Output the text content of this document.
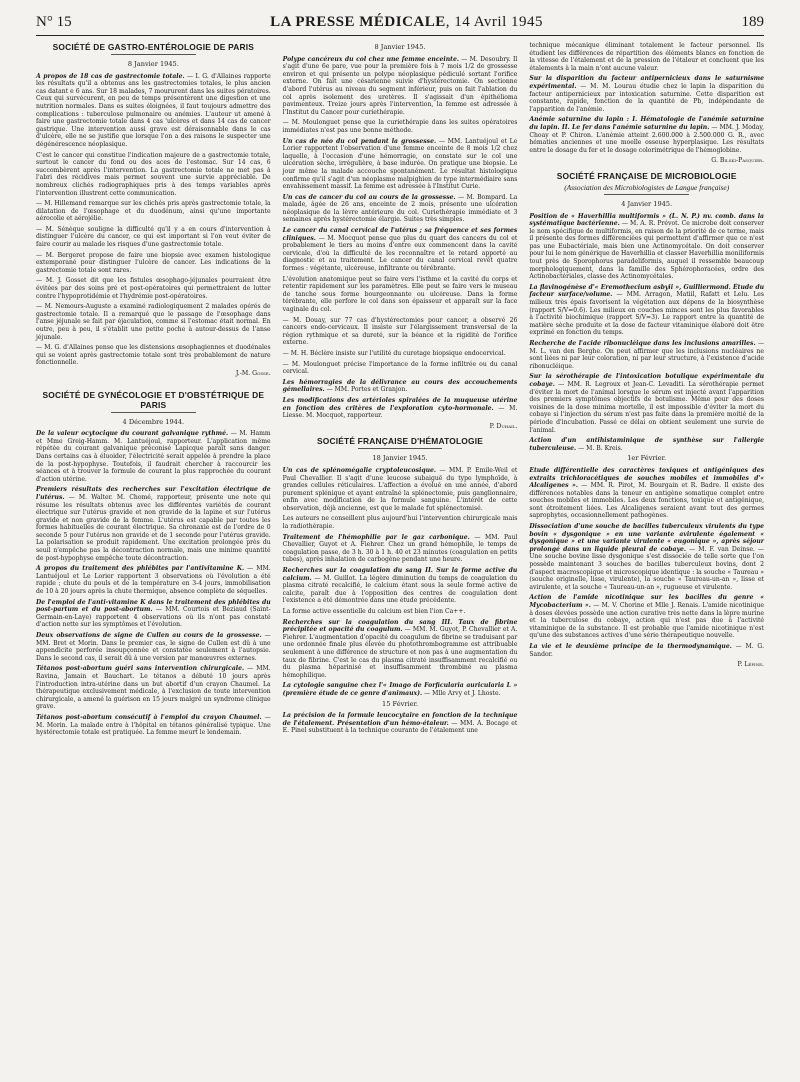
N° 15	LA PRESSE MÉDICALE, 14 Avril 1945	189
SOCIÉTÉ DE GASTRO-ENTÉROLOGIE DE PARIS
8 Janvier 1945.

A propos de 18 cas de gastrectomie totale. — I. G. d'Allaines rapporte les résultats qu'il a obtenus ans les gastrectomies totales, le plus ancien cas datant e 6 ans. Sur 18 malades, 7 moururent dans les suites pératoires. Ceux qui survécurent, en peu de temps présentèrent une digestion et une nutrition normales. Dans es suites éloignées, il faut toujours admettre des complications : tuberculose pulmonaire ou anémies. L'auteur ut amené à faire une gastrectomie totale dans 4 cas 'ulcères et dans 14 cas de cancer gastrique. Une intervention aussi grave est déraisonnable dans le cas d'ulcère, elle ne se justifie que lorsque l'on a des raisons le suspecter une dégénérescence néoplasique.

C'est le cancer qui constitue l'indication majeure de a gastrectomie totale, surtout le cancer du fond ou des aces de l'estomac. Sur 14 cas, 6 succombèrent après l'intervention. La gastrectomie totale ne met pas à l'abri des récidives mais permet souvent une survie appréciable. De nombreux clichés radiographiques pris à des temps variables après l'intervention illustrent cette communication.

— M. Hillemand remarque sur les clichés pris après gastrectomie totale, la dilatation de l'œsophage et du duodénum, ainsi qu'une importante aérocolie et aérojélie.

— M. Sénèque souligne la difficulté qu'il y a en cours d'intervention à distinguer l'ulcère du cancer, ce qui est important si l'on veut éviter de faire courir au malade les risques d'une gastrectomie totale.

— M. Bergeret propose de faire une biopsie avec examen histologique extemporané pour distinguer l'ulcère de cancer. Les indications de la gastrectomie totale sont rares.

— M. J. Gosset dit que les fistules œsophago-jéjunales pourraient être évitées par des soins pré et post-opératoires qui permettraient de lutter contre l'hypoprotidémie et l'hydrémie post-opératoires.

— M. Nemours-Auguste a examiné radiologiquement 2 malades opérés de gastrectomie totale. Il a remarqué que le passage de l'œsophage dans l'anse jéjunale se fait par éjaculation, comme si l'estomac était normal. En outre, peu à peu, il s'établit une petite poche à autour-dessus de l'anse jéjunale.

— M. G. d'Allaines pense que les distensions œsophagiennes et duodénales qui se voient après gastrectomie totale sont très probablement de nature fonctionnelle.

J.-M. Gosse.
SOCIÉTÉ DE GYNÉCOLOGIE ET D'OBSTÉTRIQUE DE PARIS
4 Décembre 1944.

De la valeur ocytocique du courant galvanique rythmé. — M. Hamm et Mme Greig-Hamm. M. Lantuéjoul, rapporteur. L'application même répétée du courant galvanique préconisé Lapicque paraît sans danger. Dans certains cas à éluoider, l'électricité serait appelée à prendre la place de la post-hypophyse. Toutefois, il faudrait chercher à raccourcir les séances et à trouver la formule de courant la plus rapprochée du courant d'action utérine.

Premiers résultats des recherches sur l'excitation électrique de l'utérus. — M. Walter. M. Chomé, rapporteur, présente une note qui résume les résultats obtenus avec les différentes variétés de courant électrique sur l'utérus gravide et non gravide de la lapine et sur l'utérus gravide et non gravide de la femme. L'utérus est capable par toutes les formes habituelles de courant électrique. Sa chronaxie est de l'ordre de 0 seconde 5 pour l'utérus non gravide et de 1 seconde pour l'utérus gravide. La polarisation se produit rapidement. Une excitation prolongée près du seuil n'empêche pas la décontraction normale, mais une minime quantité de post-hypophyse empêche toute décontraction.

A propos du traitement des phlébites par l'antivitamine K. — MM. Lantuéjoul et Le Lorier rapportent 3 observations où l'évolution a été rapide ; chute du pouls et de la température en 3-4 jours, immobilisation de 10 à 20 jours après la chute thermique, absence complète de séquelles.

De l'emploi de l'anti-vitamine K dans le traitement des phlébites du post-partum et du post-abortum. — MM. Courtois et Beziaud (Saint-Germain-en-Laye) rapportent 4 observations où ils n'ont pas constaté d'action nette sur les symptômes et l'évolution.

Deux observations de signe de Cullen au cours de la grossesse. — MM. Bret et Morin. Dans le premier cas, le signe de Cullen est dû à une appendicite perforée insoupçonnée et constatée seulement à l'autopsie. Dans le second cas, il serait dû à une version par manœuvres externes.

Tétanos post-abortum guéri sans intervention chirurgicale. — MM. Ravina, Jamain et Bauchart. Le tétanos a débuté 10 jours après l'introduction intra-utérine dans un but abortif d'un crayon Chaumel. La thérapeutique exclusivement médicale, à l'exclusion de toute intervention chirurgicale, a amené la guérison en 15 jours malgré un syndrome clinique grave.

Tétanos post-abortum consécutif à l'emploi du crayon Chaumel. — M. Morin. La malade entre à l'hôpital en tétanos généralisé typique. Une hystérectomie totale est pratiquée. La femme meurt le lendemain.

8 Janvier 1945.

Polype cancéreux du col chez une femme enceinte. — M. Desoubry. Il s'agit d'une 6e pare, vue pour la première fois à 7 mois 1/2 de grossesse environ et qui présente un polype néoplasique pédiculé sortant l'orifice externe. On fait une césarienne suivie d'hystérectomie. On sectionne d'abord l'utérus au niveau du segment inférieur, puis on fait l'ablation du col après isolement des uretères. Il s'agissait d'un épithélioma pavimenteux. Treize jours après l'intervention, la femme est adressée à l'Institut du Cancer pour curiethérapie.

— M. Moulonguet pense que la curiethérapie dans les suites opératoires immédiates n'est pas une bonne méthode.

Un cas de néo du col pendant la grossesse. — MM. Lantuéjoul et Le Lorier rapportent l'observation d'une femme enceinte de 8 mois 1/2 chez laquelle, à l'occasion d'une hémorragie, on constate sur le col une ulcération sèche, irrégulière, à base indurée. On pratique une biopsie. Le jour même la malade accouche spontanément. Le résultat histologique confirme qu'il s'agit d'un néoplasme malpighien de type intermédiaire sans envahissement massif. La femme est adressée à l'Institut Curie.

Un cas de cancer du col au cours de la grossesse. — M. Bompard. La malade, âgée de 26 ans, enceinte de 2 mois, présente une ulcération néoplasique de la lèvre antérieure du col. Curiethérapie immédiate et 3 semaines après hystérectomie élargie. Suites très simples.

Le cancer du canal cervical de l'utérus ; sa fréquence et ses formes cliniques. — M. Mocquot pense que plus du quart des cancers du col et probablement le tiers au moins d'entre eux commencent dans la cavité cervicale, d'où la difficulté de les reconnaître et le retard apporté au diagnostic et au traitement. Le cancer du canal cervical revêt quatre formes : végétante, ulcéreuse, infiltrante ou térébrante.

L'évolution anatomique peut se faire vers l'isthme et la cavité du corps et retentir rapidement sur les paramètres. Elle peut se faire vers le museau de tanche sous forme bourgeonnante ou ulcéreuse. Dans la forme térébrante, elle perfore le col dans son épaisseur et apparaît sur la face vaginale du col.

— M. Douay, sur 77 cas d'hystérectomies pour cancer, a observé 26 cancers endo-cervicaux. Il insiste sur l'élargissement transversal de la région rythmique et sa dureté, sur la béance et la rigidité de l'orifice externe.

— M. H. Béclère insiste sur l'utilité du curetage biopsique endocervical.

— M. Moulonguet précise l'importance de la forme infiltrée ou du canal cervical.

Les hémorragies de la délivrance au cours des accouchements gémellaires. — MM. Portes et Granjon.

Les modifications des artérioles spiralées de la muqueuse utérine en fonction des critères de l'exploration cyto-hormonale. — M. Liesse. M. Mocquot, rapporteur.

P. Duhail.
SOCIÉTÉ FRANÇAISE D'HÉMATOLOGIE
18 Janvier 1945.

Un cas de splénomégalie cryptoleucosique. — MM. P. Emile-Weil et Paul Chevallier. Il s'agit d'une leucose subaiguë du type lymphoïde, à grandes cellules réticulaires. L'affection a évolué en une année, d'abord purement splénique et ayant entraîné la splénectomie, puis ganglionnaire, enfin avec modification de la formule sanguine. L'intérêt de cette observation, déjà ancienne, est que le malade fut splénectomisé.

Les auteurs ne conseillent plus aujourd'hui l'intervention chirurgicale mais la radiothérapie.

Traitement de l'hémophilie par le gaz carbonique. — MM. Paul Chevallier, Guyot et A. Fiehrer. Chez un grand hémophile, le temps de coagulation passe, de 3 h. 30 à 1 h. 40 et 23 minutes (coagulation en petits tubes), après inhalation de carbogène pendant une heure.

Recherches sur la coagulation du sang II. Sur la forme active du calcium. — M. Guillot. La légère diminution du temps de coagulation du plasma citraté recalcifié, le calcium étant sous la seule forme active de calcite, paraît due à l'opposition des centres de coagulation dont l'existence a été démontrée dans une étude précédente.

La forme active essentielle du calcium est bien l'ion Ca++.

Recherches sur la coagulation du sang III. Taux de fibrine précipitée et opacité du coagulum. — MM. M. Guyot, P. Chevallier et A. Fiehrer. L'augmentation d'opacité du coagulum de fibrine se traduisant par une ordonnée finale plus élevée du photothrombogramme est attribuable seulement à une différence de structure et non pas à une augmentation du taux de fibrine. C'est le cas du plasma citraté insuffisamment recalcifié ou du plasma héparinisé et insuffisamment thrombiné au plasma hémophilique.

La cytologie sanguine chez l'« Imago de Forficularia auricularia L » (première étude de ce genre d'animaux). — Mlle Arvy et J. Lhoste.

15 Février.

La précision de la formule leucocytaire en fonction de la technique de l'étalement. Présentation d'un hémo-étaleur. — MM. A. Bocage et E. Pinel substituent à la technique courante de l'étalement une

technique mécanique éliminant totalement le facteur personnel. Ils étudient les différences de répartition des éléments blancs en fonction de la vitesse de l'étalement et de la pression de l'étaleur et concluent que les étalements à la main n'ont aucune valeur.

Sur la disparition du facteur antipernicieux dans le saturnisme expérimental. — M. M. Lourau étudie chez le lapin la disparition du facteur antipernicieux par intoxication saturnine. Cette disparition est constante, rapide, fonction de la quantité de Pb, indépendante de l'apparition de l'anémie.

Anémie saturnine du lapin : I. Hématologie de l'anémie saturnine du lapin. II. Le fer dans l'anémie saturnine du lapin. — MM. J. Moday, Choay et P. Chiron. L'anémie atteint 2.600.000 à 2.500.000 G. R., avec hématies anciennes et une moelle osseuse hyperplasique. Les résultats entre le dosage du fer et le dosage colorimétrique de l'hémoglobine.

G. Bilski-Pasquier.
SOCIÉTÉ FRANÇAISE DE MICROBIOLOGIE
(Association des Microbiologistes de Langue française)
4 Janvier 1945.

Position de « Haverhillia multiformis » (L. N. P.) nv. comb. dans la systématique bactérienne. — M. A. R. Prévot. Ce microbe doit conserver le nom spécifique de multiformis, en raison de la priorité de ce terme, mais il présente des formes différenciées qui permettent d'affirmer que ce n'est pas une Eubactériale, mais bien une Actinomycétale. On doit conserver pour lui le nom générique de Haverhillia et classer Haverhillia moniliformis tout près de Sporophorus paradeliformis, auquel il ressemble beaucoup morphologiquement, dans la famille des Sphérophoracées, ordre des Actinobactériales, classe des Actinomycétales.

La flavinogénèse d'« Eremothecium asbyii », Guilliermond. Étude du facteur surface/volume. — MM. Arragon, Matiil, Rafatt et Lelu. Les milieux très épais favorisent la végétation aux dépens de la biosynthèse (rapport S/V=0.6). Les milieux en couches minces sont les plus favorables à l'activité biochimique (rapport S/V=3). Le rapport entre la quantité de matière sèche produite et la dose de facteur vitaminique élaboré doit être exprimé en fonction du temps.

Recherche de l'acide ribonucléique dans les inclusions amarilles. — M. L. van den Berghe. On peut affirmer que les inclusions nucléaires ne sont liées ni par leur coloration, ni par leur structure, à l'existence d'acide ribonucléique.

Sur la sérothérapie de l'intoxication botulique expérimentale du cobaye. — MM. R. Legroux et Jean-C. Levaditi. La sérothérapie permet d'éviter la mort de l'animal lorsque le sérum est injecté avant l'apparition des premiers symptômes objectifs de botulisme. Même pour des doses voisines de la dose minima mortelle, il est impossible d'éviter la mort du cobaye si l'injection du sérum n'est pas faite dans la première moitié de la période d'incubation. Passé ce délai on obtient seulement une survie de l'animal.

Action d'un antihistaminique de synthèse sur l'allergie tuberculeuse. — M. B. Kreis.

1er Février.

Etude différentielle des caractères toxiques et antigéniques des extraits trichloracétiques de souches mobiles et immobiles d'« Alcaligenes ». — MM. R. Pirot, M. Bourgain et R. Badre. Il existe des différences notables dans la teneur en antigène somatique complet entre souches mobiles et immobiles. Les deux fonctions, toxique et antigénique, sont étroitement liées. Les Alcaligenes seraient avant tout des germes saprophytes, occasionnellement pathogènes.

Dissociation d'une souche de bacilles tuberculeux virulents du type bovin « dysgonique » en une variante avirulente également « dysgonique » et une variante virulente « eugonique », après séjour prolongé dans un liquide pleural de cobaye. — M. F. van Deinse. — Une souche bovine lisse dysgonique s'est dissociée de telle sorte que l'on possède maintenant 3 souches de bacilles tuberculeux bovins, dont 2 d'aspect macroscopique et microscopique identique : la souche « Taureau » (souche originelle, lisse, virulente), la souche « Taureau-un-an », lisse et avirulente, et la souche « Taureau-un-an », rugueuse et virulente.

Action de l'amide nicotinique sur les bacilles du genre « Mycobacterium ». — M. V. Chorine et Mlle J. Renais. L'amide nicotinique à doses élevées possède une action curative très nette dans la lèpre murine et la tuberculose du cobaye, action qui n'est pas due à l'activité vitaminique de la substance. Il est probable que l'amide nicotinique n'est qu'une des substances actives d'une série thérapeutique nouvelle.

La vie et le deuxième principe de la thermodynamique. — M. G. Sandor.

P. Lépine.
